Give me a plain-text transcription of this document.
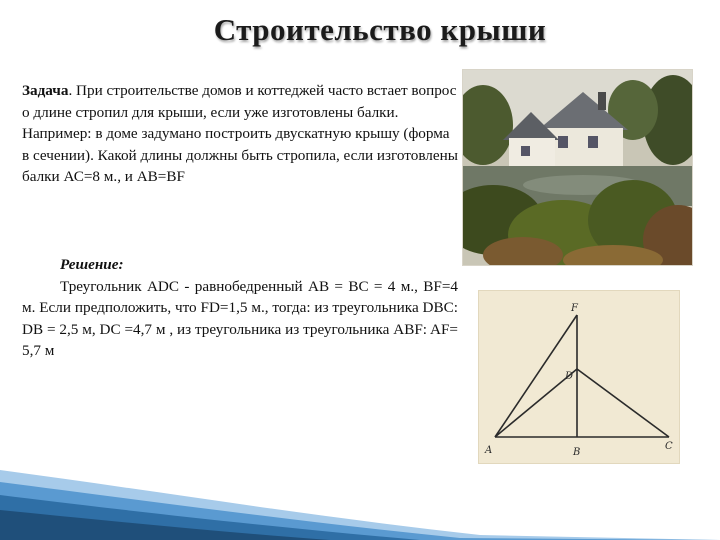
Строительство крыши
Задача. При строительстве домов и коттеджей часто встает вопрос о длине стропил для крыши, если уже изготовлены балки. Например: в доме задумано построить двускатную крышу (форма в сечении). Какой длины должны быть стропила, если изготовлены балки АС=8 м., и АВ=ВF
Решение:
Треугольник ADC - равнобедренный AB = BC = 4 м., BF=4 м. Если предположить, что FD=1,5 м., тогда: из треугольника DBC: DB = 2,5 м, DC =4,7 м , из треугольника из треугольника ABF: AF= 5,7 м
F
D
A	B
C
